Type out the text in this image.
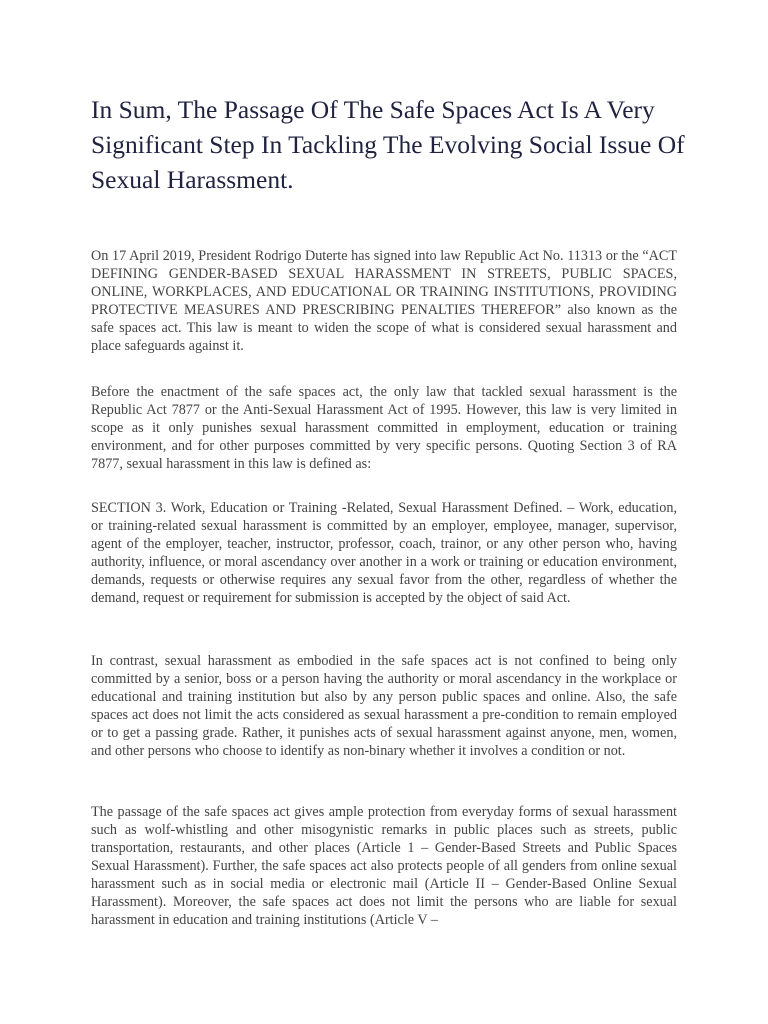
In Sum, The Passage Of The Safe Spaces Act Is A Very Significant Step In Tackling The Evolving Social Issue Of Sexual Harassment.

On 17 April 2019, President Rodrigo Duterte has signed into law Republic Act No. 11313 or the “ACT DEFINING GENDER-BASED SEXUAL HARASSMENT IN STREETS, PUBLIC SPACES, ONLINE, WORKPLACES, AND EDUCATIONAL OR TRAINING INSTITUTIONS, PROVIDING PROTECTIVE MEASURES AND PRESCRIBING PENALTIES THEREFOR” also known as the safe spaces act. This law is meant to widen the scope of what is considered sexual harassment and place safeguards against it.

Before the enactment of the safe spaces act, the only law that tackled sexual harassment is the Republic Act 7877 or the Anti-Sexual Harassment Act of 1995. However, this law is very limited in scope as it only punishes sexual harassment committed in employment, education or training environment, and for other purposes committed by very specific persons. Quoting Section 3 of RA 7877, sexual harassment in this law is defined as:

SECTION 3. Work, Education or Training -Related, Sexual Harassment Defined. – Work, education, or training-related sexual harassment is committed by an employer, employee, manager, supervisor, agent of the employer, teacher, instructor, professor, coach, trainor, or any other person who, having authority, influence, or moral ascendancy over another in a work or training or education environment, demands, requests or otherwise requires any sexual favor from the other, regardless of whether the demand, request or requirement for submission is accepted by the object of said Act.

In contrast, sexual harassment as embodied in the safe spaces act is not confined to being only committed by a senior, boss or a person having the authority or moral ascendancy in the workplace or educational and training institution but also by any person public spaces and online. Also, the safe spaces act does not limit the acts considered as sexual harassment a pre-condition to remain employed or to get a passing grade. Rather, it punishes acts of sexual harassment against anyone, men, women, and other persons who choose to identify as non-binary whether it involves a condition or not.

The passage of the safe spaces act gives ample protection from everyday forms of sexual harassment such as wolf-whistling and other misogynistic remarks in public places such as streets, public transportation, restaurants, and other places (Article 1 – Gender-Based Streets and Public Spaces Sexual Harassment). Further, the safe spaces act also protects people of all genders from online sexual harassment such as in social media or electronic mail (Article II – Gender-Based Online Sexual Harassment). Moreover, the safe spaces act does not limit the persons who are liable for sexual harassment in education and training institutions (Article V –
